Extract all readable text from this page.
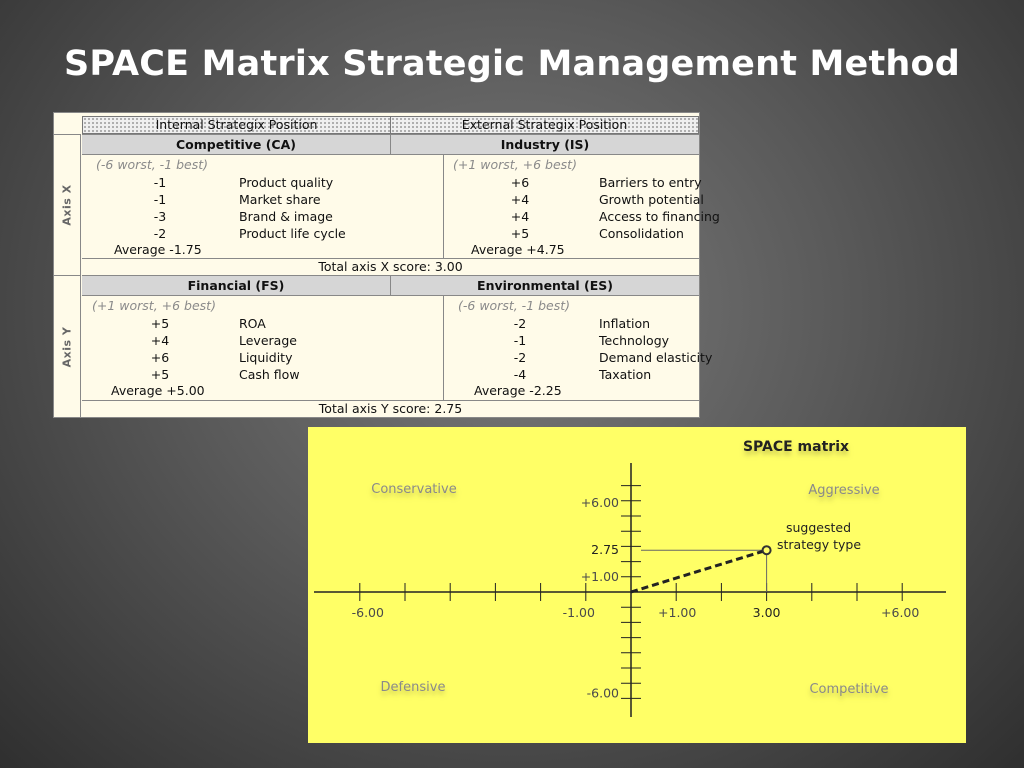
SPACE Matrix Strategic Management Method
Internal Strategix Position	External Strategix Position
Axis X
Competitive (CA)	Industry (IS)
(-6 worst, -1 best)
-1	Product quality
-1	Market share
-3	Brand & image
-2	Product life cycle
Average -1.75
(+1 worst, +6 best)
+6	Barriers to entry
+4	Growth potential
+4	Access to financing
+5	Consolidation
Average +4.75
Total axis X score: 3.00
Axis Y
Financial (FS)	Environmental (ES)
(+1 worst, +6 best)
+5	ROA
+4	Leverage
+6	Liquidity
+5	Cash flow
Average +5.00
(-6 worst, -1 best)
-2	Inflation
-1	Technology
-2	Demand elasticity
-4	Taxation
Average -2.25
Total axis Y score: 2.75
SPACE matrix
Conservative	Aggressive
Defensive	Competitive
-6.00	-1.00	+1.00	3.00	+6.00
+6.00
2.75
+1.00
-6.00
suggested
strategy type
